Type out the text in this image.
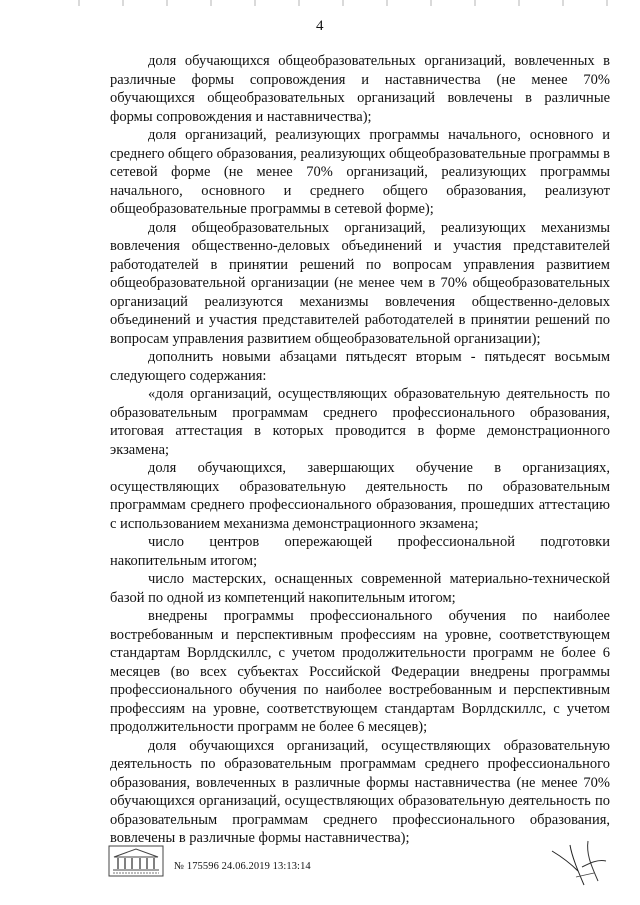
4

доля обучающихся общеобразовательных организаций, вовлеченных в различные формы сопровождения и наставничества (не менее 70% обучающихся общеобразовательных организаций вовлечены в различные формы сопровождения и наставничества);

доля организаций, реализующих программы начального, основного и среднего общего образования, реализующих общеобразовательные программы в сетевой форме (не менее 70% организаций, реализующих программы начального, основного и среднего общего образования, реализуют общеобразовательные программы в сетевой форме);

доля общеобразовательных организаций, реализующих механизмы вовлечения общественно-деловых объединений и участия представителей работодателей в принятии решений по вопросам управления развитием общеобразовательной организации (не менее чем в 70% общеобразовательных организаций реализуются механизмы вовлечения общественно-деловых объединений и участия представителей работодателей в принятии решений по вопросам управления развитием общеобразовательной организации);

дополнить новыми абзацами пятьдесят вторым - пятьдесят восьмым следующего содержания:

«доля организаций, осуществляющих образовательную деятельность по образовательным программам среднего профессионального образования, итоговая аттестация в которых проводится в форме демонстрационного экзамена;

доля обучающихся, завершающих обучение в организациях, осуществляющих образовательную деятельность по образовательным программам среднего профессионального образования, прошедших аттестацию с использованием механизма демонстрационного экзамена;

число центров опережающей профессиональной подготовки накопительным итогом;

число мастерских, оснащенных современной материально-технической базой по одной из компетенций накопительным итогом;

внедрены программы профессионального обучения по наиболее востребованным и перспективным профессиям на уровне, соответствующем стандартам Ворлдскиллс, с учетом продолжительности программ не более 6 месяцев (во всех субъектах Российской Федерации внедрены программы профессионального обучения по наиболее востребованным и перспективным профессиям на уровне, соответствующем стандартам Ворлдскиллс, с учетом продолжительности программ не более 6 месяцев);

доля обучающихся организаций, осуществляющих образовательную деятельность по образовательным программам среднего профессионального образования, вовлеченных в различные формы наставничества (не менее 70% обучающихся организаций, осуществляющих образовательную деятельность по образовательным программам среднего профессионального образования, вовлечены в различные формы наставничества);

№ 175596 24.06.2019 13:13:14
